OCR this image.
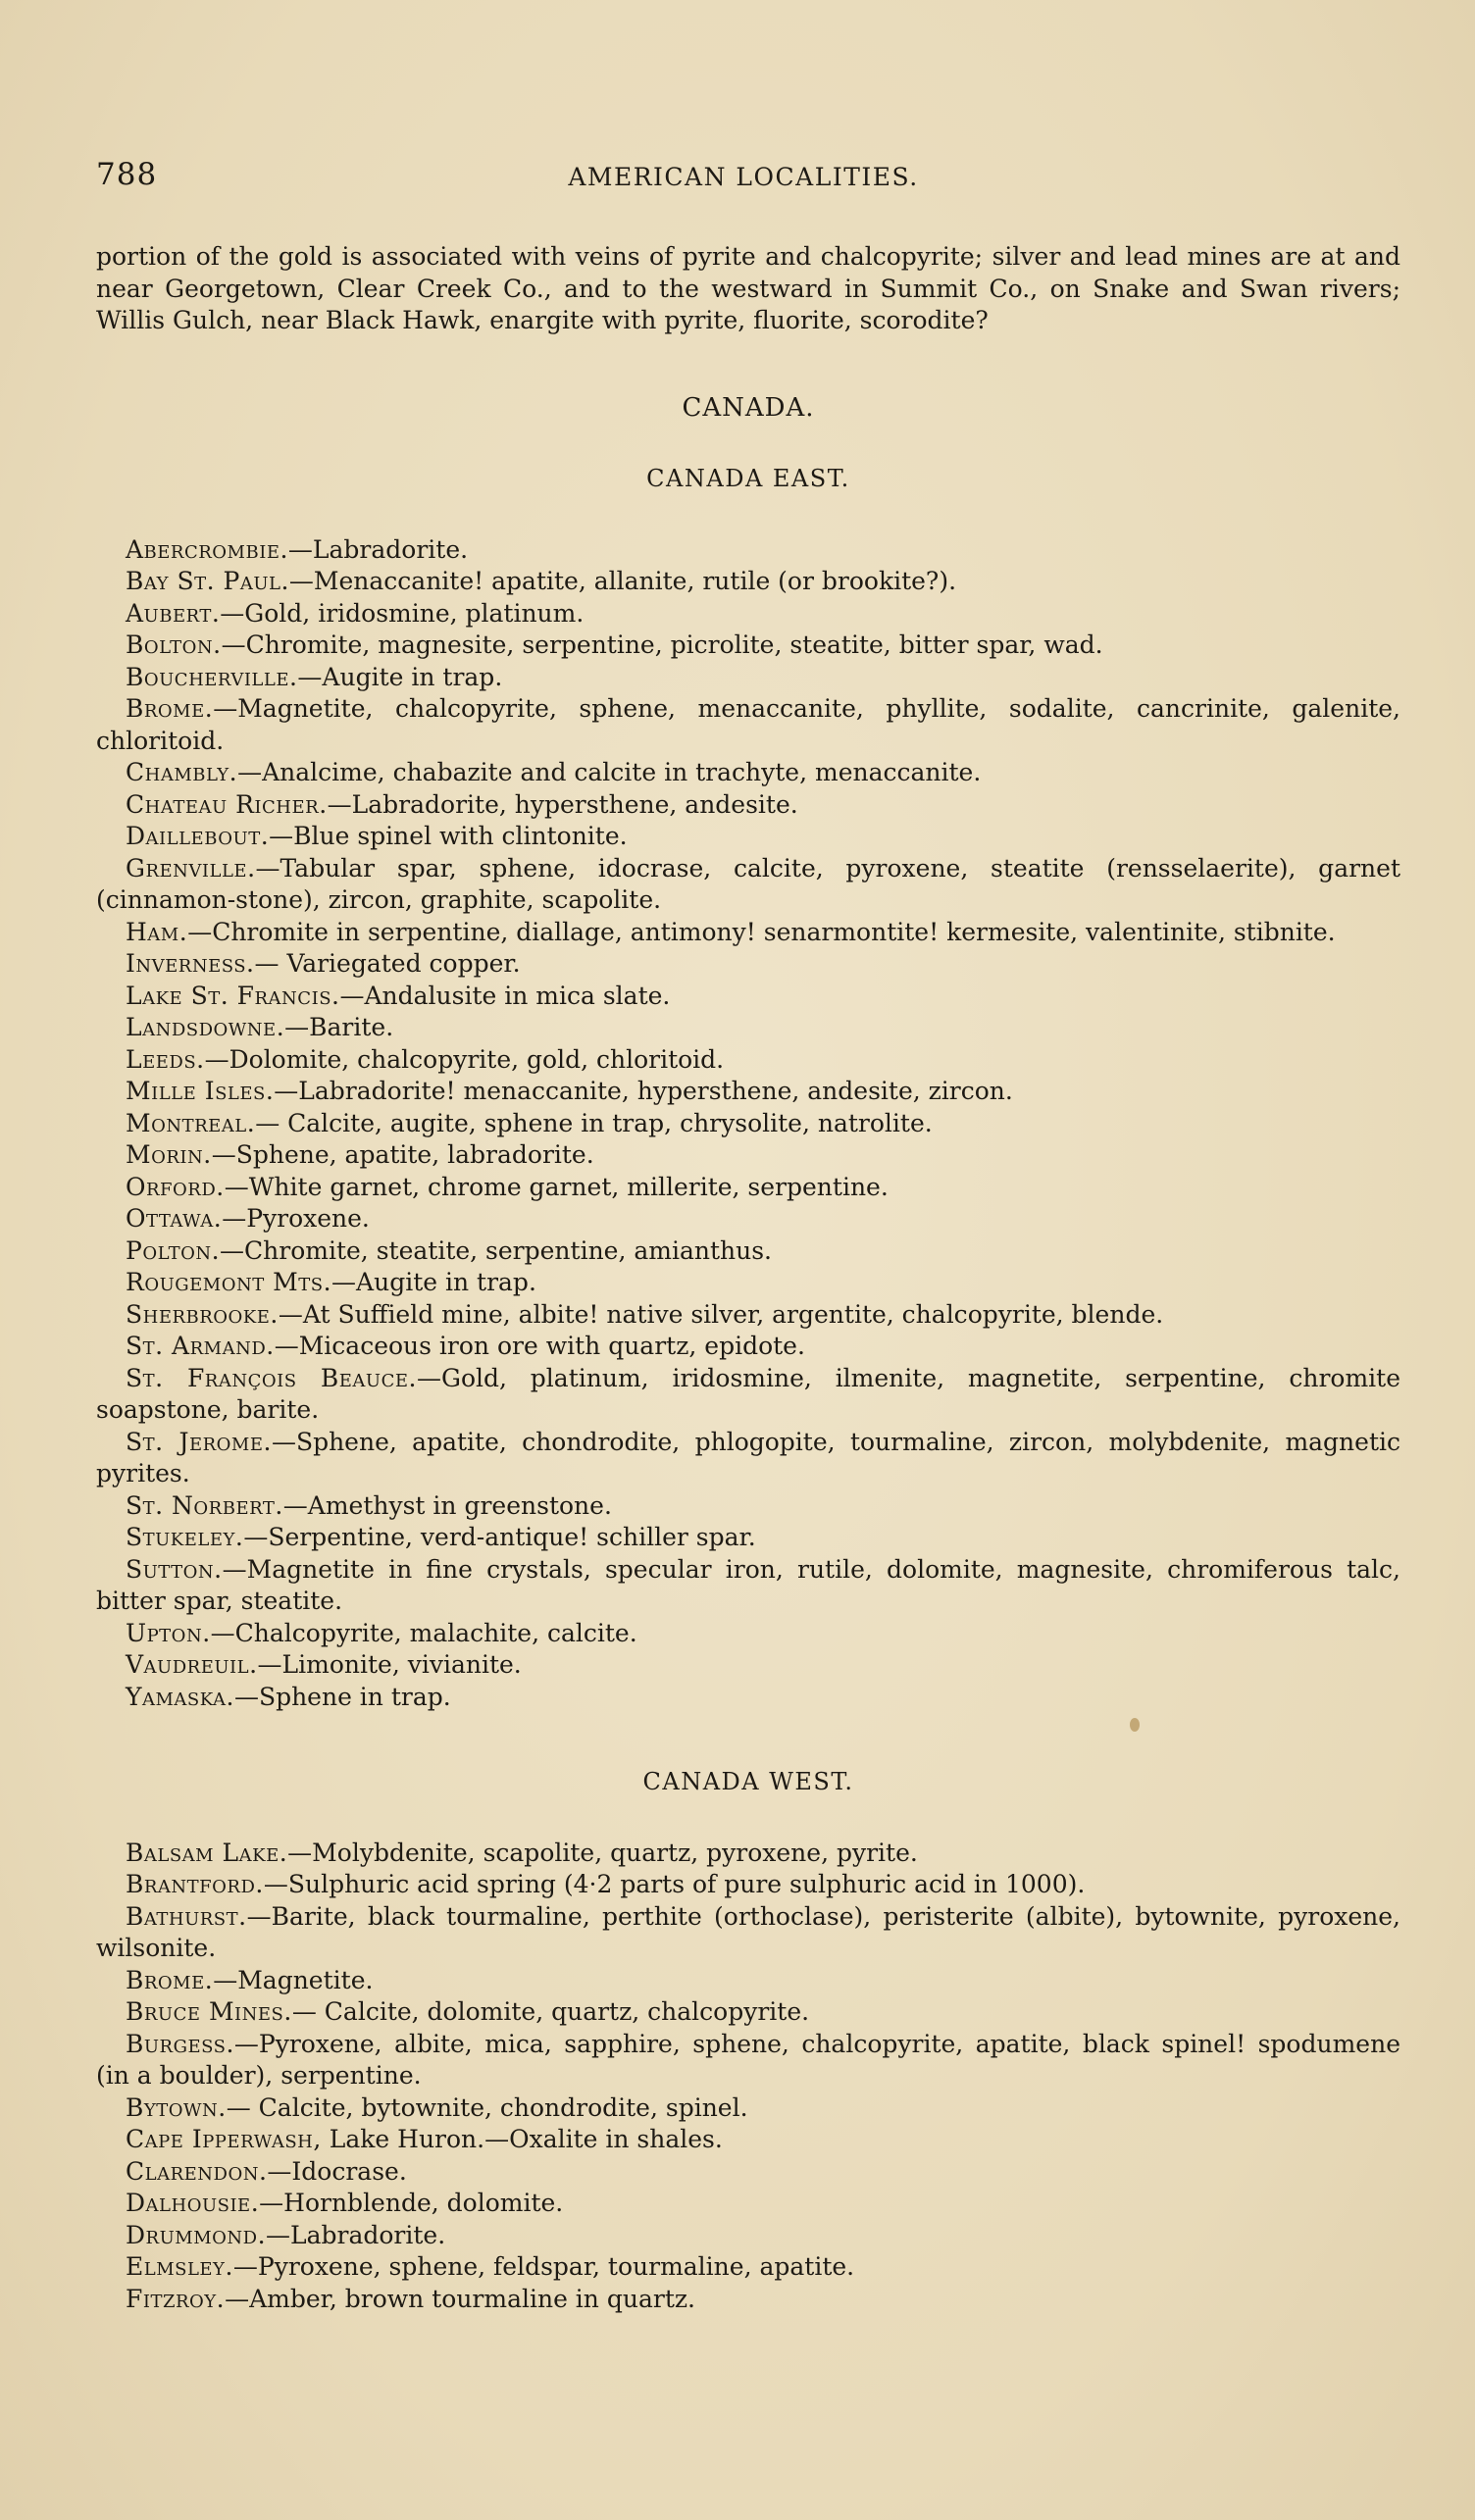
788	AMERICAN LOCALITIES.

portion of the gold is associated with veins of pyrite and chalcopyrite; silver and lead mines are at and near Georgetown, Clear Creek Co., and to the westward in Summit Co., on Snake and Swan rivers; Willis Gulch, near Black Hawk, enargite with pyrite, fluorite, scorodite?

CANADA.
CANADA EAST.

Abercrombie.—Labradorite.

Bay St. Paul.—Menaccanite! apatite, allanite, rutile (or brookite?).

Aubert.—Gold, iridosmine, platinum.

Bolton.—Chromite, magnesite, serpentine, picrolite, steatite, bitter spar, wad.

Boucherville.—Augite in trap.

Brome.—Magnetite, chalcopyrite, sphene, menaccanite, phyllite, sodalite, cancrinite, galenite, chloritoid.

Chambly.—Analcime, chabazite and calcite in trachyte, menaccanite.

Chateau Richer.—Labradorite, hypersthene, andesite.

Daillebout.—Blue spinel with clintonite.

Grenville.—Tabular spar, sphene, idocrase, calcite, pyroxene, steatite (rensselaerite), garnet (cinnamon-stone), zircon, graphite, scapolite.

Ham.—Chromite in serpentine, diallage, antimony! senarmontite! kermesite, valentinite, stibnite.

Inverness.— Variegated copper.

Lake St. Francis.—Andalusite in mica slate.

Landsdowne.—Barite.

Leeds.—Dolomite, chalcopyrite, gold, chloritoid.

Mille Isles.—Labradorite! menaccanite, hypersthene, andesite, zircon.

Montreal.— Calcite, augite, sphene in trap, chrysolite, natrolite.

Morin.—Sphene, apatite, labradorite.

Orford.—White garnet, chrome garnet, millerite, serpentine.

Ottawa.—Pyroxene.

Polton.—Chromite, steatite, serpentine, amianthus.

Rougemont Mts.—Augite in trap.

Sherbrooke.—At Suffield mine, albite! native silver, argentite, chalcopyrite, blende.

St. Armand.—Micaceous iron ore with quartz, epidote.

St. François Beauce.—Gold, platinum, iridosmine, ilmenite, magnetite, serpentine, chromite soapstone, barite.

St. Jerome.—Sphene, apatite, chondrodite, phlogopite, tourmaline, zircon, molybdenite, magnetic pyrites.

St. Norbert.—Amethyst in greenstone.

Stukeley.—Serpentine, verd-antique! schiller spar.

Sutton.—Magnetite in fine crystals, specular iron, rutile, dolomite, magnesite, chromiferous talc, bitter spar, steatite.

Upton.—Chalcopyrite, malachite, calcite.

Vaudreuil.—Limonite, vivianite.

Yamaska.—Sphene in trap.

CANADA WEST.

Balsam Lake.—Molybdenite, scapolite, quartz, pyroxene, pyrite.

Brantford.—Sulphuric acid spring (4·2 parts of pure sulphuric acid in 1000).

Bathurst.—Barite, black tourmaline, perthite (orthoclase), peristerite (albite), bytownite, pyroxene, wilsonite.

Brome.—Magnetite.

Bruce Mines.— Calcite, dolomite, quartz, chalcopyrite.

Burgess.—Pyroxene, albite, mica, sapphire, sphene, chalcopyrite, apatite, black spinel! spodumene (in a boulder), serpentine.

Bytown.— Calcite, bytownite, chondrodite, spinel.

Cape Ipperwash, Lake Huron.—Oxalite in shales.

Clarendon.—Idocrase.

Dalhousie.—Hornblende, dolomite.

Drummond.—Labradorite.

Elmsley.—Pyroxene, sphene, feldspar, tourmaline, apatite.

Fitzroy.—Amber, brown tourmaline in quartz.
